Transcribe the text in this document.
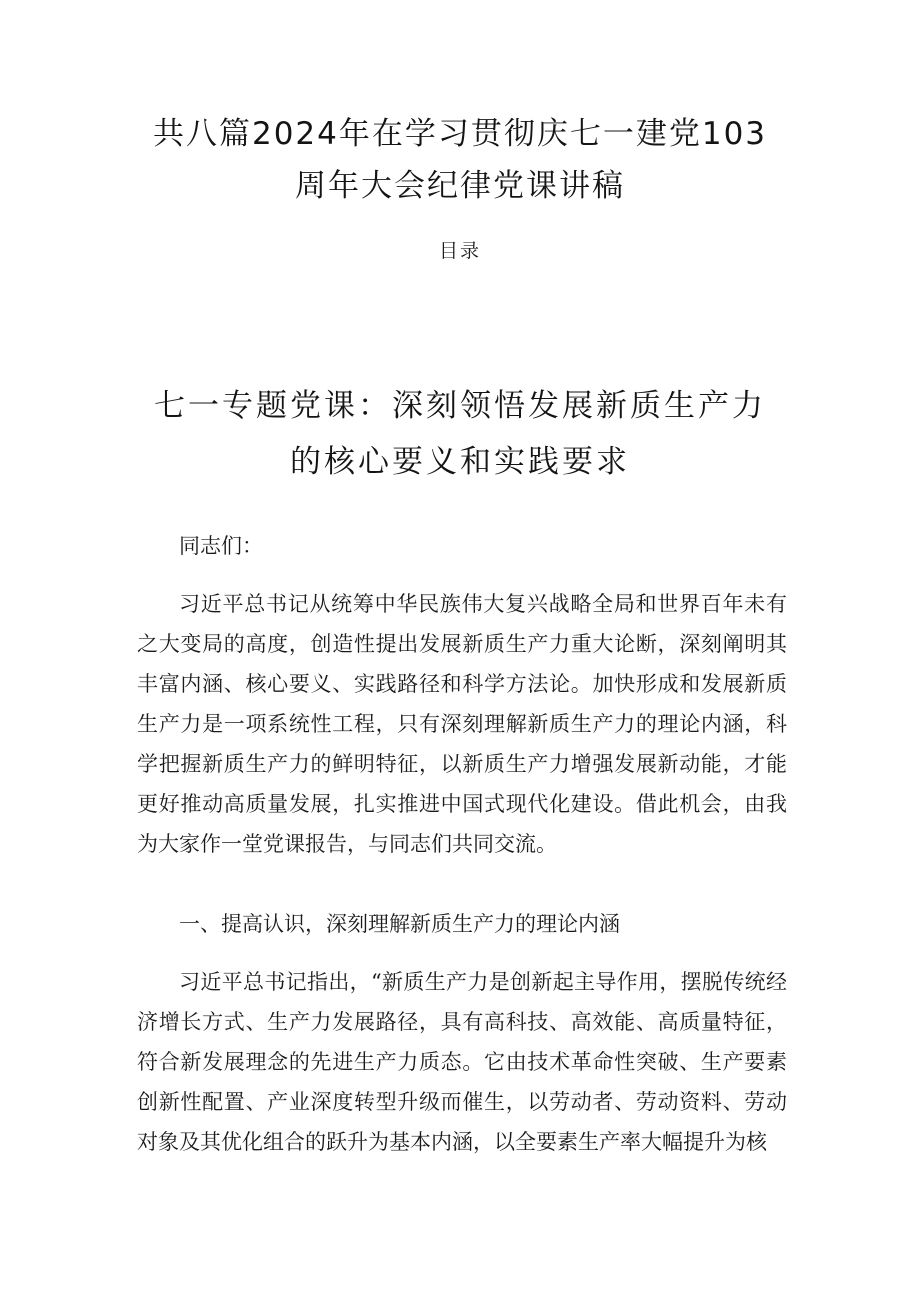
共八篇2024年在学习贯彻庆七一建党103
周年大会纪律党课讲稿
目录
七一专题党课：深刻领悟发展新质生产力
的核心要义和实践要求

同志们：

习近平总书记从统筹中华民族伟大复兴战略全局和世界百年未有之大变局的高度，创造性提出发展新质生产力重大论断，深刻阐明其丰富内涵、核心要义、实践路径和科学方法论。加快形成和发展新质生产力是一项系统性工程，只有深刻理解新质生产力的理论内涵，科学把握新质生产力的鲜明特征，以新质生产力增强发展新动能，才能更好推动高质量发展，扎实推进中国式现代化建设。借此机会，由我为大家作一堂党课报告，与同志们共同交流。

一、提高认识，深刻理解新质生产力的理论内涵

习近平总书记指出，“新质生产力是创新起主导作用，摆脱传统经济增长方式、生产力发展路径，具有高科技、高效能、高质量特征，符合新发展理念的先进生产力质态。它由技术革命性突破、生产要素创新性配置、产业深度转型升级而催生，以劳动者、劳动资料、劳动对象及其优化组合的跃升为基本内涵，以全要素生产率大幅提升为核
